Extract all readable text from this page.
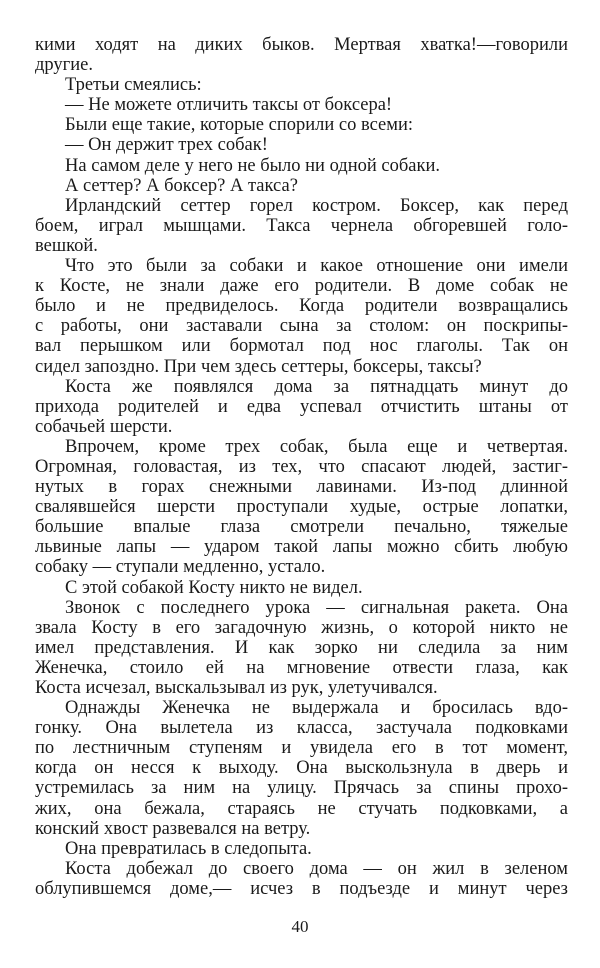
кими ходят на диких быков. Мертвая хватка!—говорили
другие.
Третьи смеялись:
— Не можете отличить таксы от боксера!
Были еще такие, которые спорили со всеми:
— Он держит трех собак!
На самом деле у него не было ни одной собаки.
А сеттер? А боксер? А такса?
Ирландский сеттер горел костром. Боксер, как перед
боем, играл мышцами. Такса чернела обгоревшей голо-
вешкой.
Что это были за собаки и какое отношение они имели
к Косте, не знали даже его родители. В доме собак не
было и не предвиделось. Когда родители возвращались
с работы, они заставали сына за столом: он поскрипы-
вал перышком или бормотал под нос глаголы. Так он
сидел запоздно. При чем здесь сеттеры, боксеры, таксы?
Коста же появлялся дома за пятнадцать минут до
прихода родителей и едва успевал отчистить штаны от
собачьей шерсти.
Впрочем, кроме трех собак, была еще и четвертая.
Огромная, головастая, из тех, что спасают людей, застиг-
нутых в горах снежными лавинами. Из-под длинной
свалявшейся шерсти проступали худые, острые лопатки,
большие впалые глаза смотрели печально, тяжелые
львиные лапы — ударом такой лапы можно сбить любую
собаку — ступали медленно, устало.
С этой собакой Косту никто не видел.
Звонок с последнего урока — сигнальная ракета. Она
звала Косту в его загадочную жизнь, о которой никто не
имел представления. И как зорко ни следила за ним
Женечка, стоило ей на мгновение отвести глаза, как
Коста исчезал, выскальзывал из рук, улетучивался.
Однажды Женечка не выдержала и бросилась вдо-
гонку. Она вылетела из класса, застучала подковками
по лестничным ступеням и увидела его в тот момент,
когда он несся к выходу. Она выскользнула в дверь и
устремилась за ним на улицу. Прячась за спины прохо-
жих, она бежала, стараясь не стучать подковками, а
конский хвост развевался на ветру.
Она превратилась в следопыта.
Коста добежал до своего дома — он жил в зеленом
облупившемся доме,— исчез в подъезде и минут через
40
